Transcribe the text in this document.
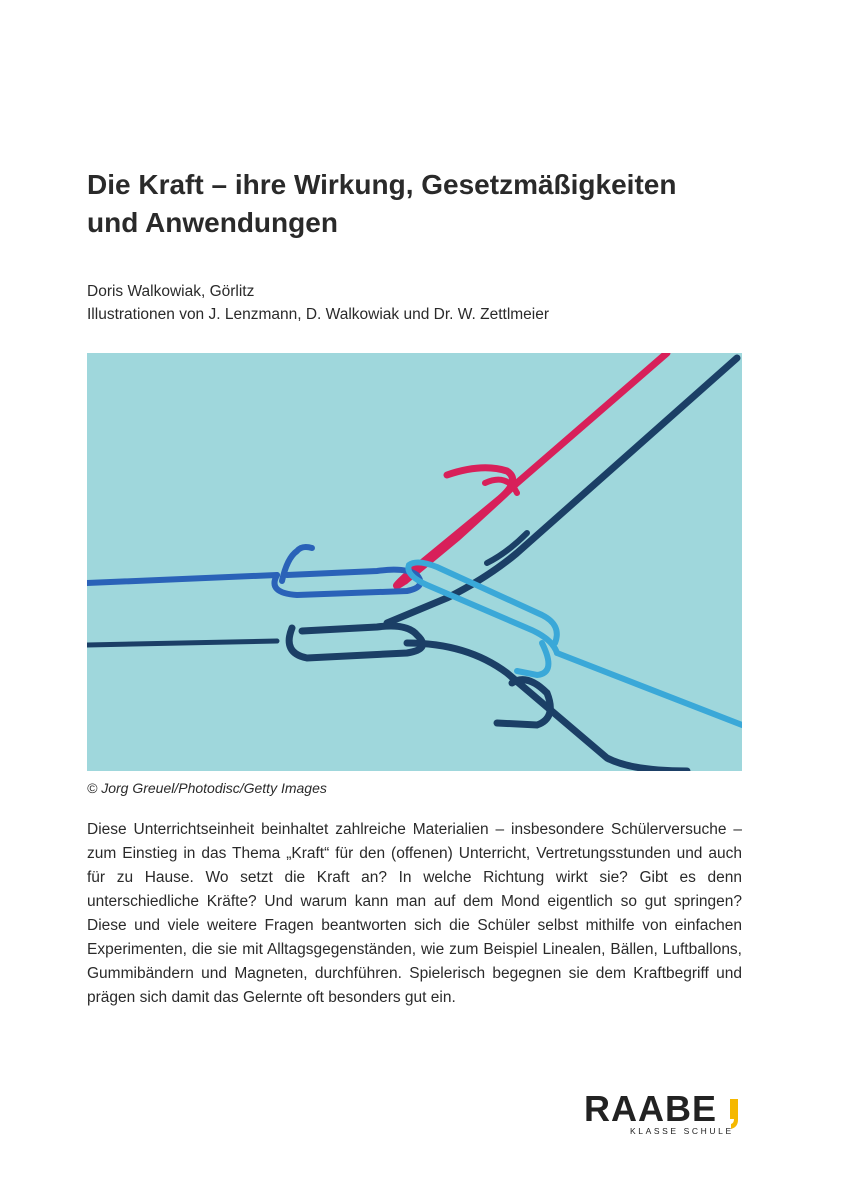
Die Kraft – ihre Wirkung, Gesetzmäßigkeiten
und Anwendungen

Doris Walkowiak, Görlitz

Illustrationen von J. Lenzmann, D. Walkowiak und Dr. W. Zettlmeier

© Jorg Greuel/Photodisc/Getty Images

Diese Unterrichtseinheit beinhaltet zahlreiche Materialien – insbesondere Schülerversuche – zum Einstieg in das Thema „Kraft“ für den (offenen) Unterricht, Vertretungsstunden und auch für zu Hause. Wo setzt die Kraft an? In welche Richtung wirkt sie? Gibt es denn unterschiedliche Kräfte? Und warum kann man auf dem Mond eigentlich so gut springen? Diese und viele weitere Fragen beantworten sich die Schüler selbst mithilfe von einfachen Experimenten, die sie mit Alltagsgegenständen, wie zum Beispiel Linealen, Bällen, Luftballons, Gummibändern und Magneten, durchführen. Spielerisch begegnen sie dem Kraftbegriff und prägen sich damit das Gelernte oft besonders gut ein.

RAABE
KLASSE SCHULE
